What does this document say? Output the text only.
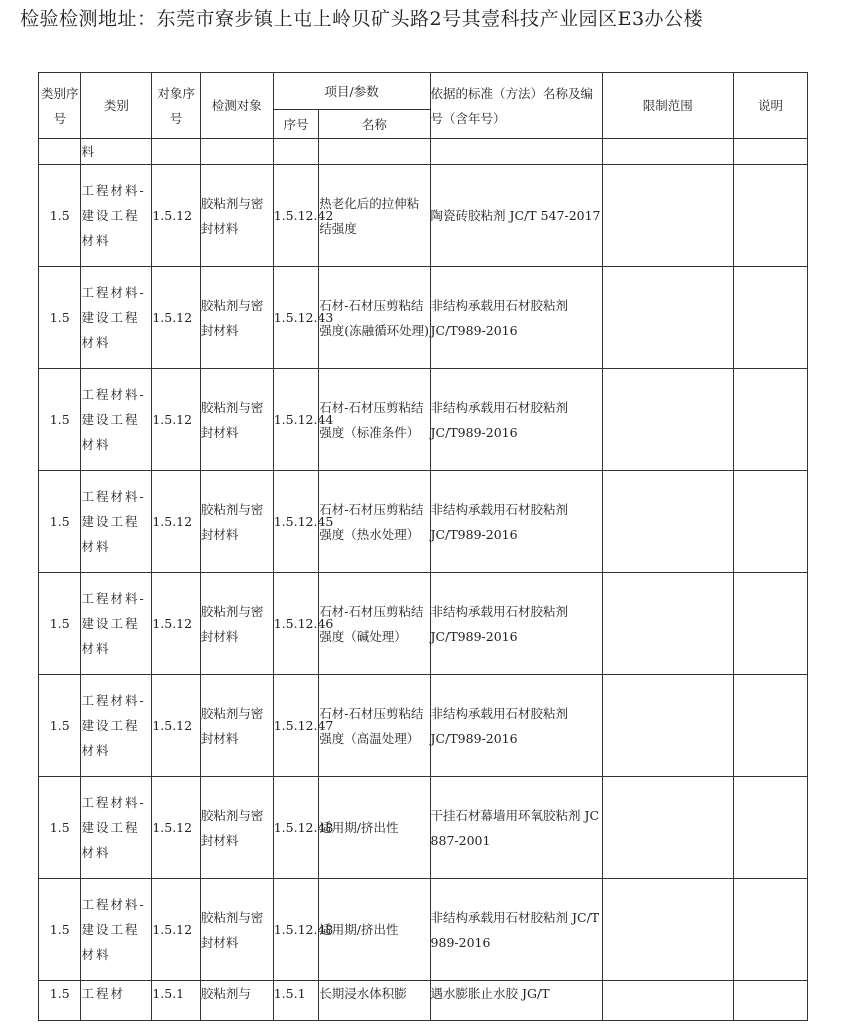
检验检测地址：东莞市寮步镇上屯上岭贝矿头路2号其壹科技产业园区E3办公楼
类别序号	类别	对象序号	检测对象	项目/参数		依据的标准（方法）名称及编号（含年号）	限制范围	说明
				序号	名称			
	料							
1.5	工程材料-建设工程材料	1.5.12	胶粘剂与密封材料	1.5.12.42	热老化后的拉伸粘结强度	陶瓷砖胶粘剂 JC/T 547-2017		
1.5	工程材料-建设工程材料	1.5.12	胶粘剂与密封材料	1.5.12.43	石材-石材压剪粘结强度(冻融循环处理)	非结构承载用石材胶粘剂 JC/T989-2016		
1.5	工程材料-建设工程材料	1.5.12	胶粘剂与密封材料	1.5.12.44	石材-石材压剪粘结强度（标准条件）	非结构承载用石材胶粘剂 JC/T989-2016		
1.5	工程材料-建设工程材料	1.5.12	胶粘剂与密封材料	1.5.12.45	石材-石材压剪粘结强度（热水处理）	非结构承载用石材胶粘剂 JC/T989-2016		
1.5	工程材料-建设工程材料	1.5.12	胶粘剂与密封材料	1.5.12.46	石材-石材压剪粘结强度（碱处理）	非结构承载用石材胶粘剂 JC/T989-2016		
1.5	工程材料-建设工程材料	1.5.12	胶粘剂与密封材料	1.5.12.47	石材-石材压剪粘结强度（高温处理）	非结构承载用石材胶粘剂 JC/T989-2016		
1.5	工程材料-建设工程材料	1.5.12	胶粘剂与密封材料	1.5.12.48	适用期/挤出性	干挂石材幕墙用环氧胶粘剂 JC 887-2001		
1.5	工程材料-建设工程材料	1.5.12	胶粘剂与密封材料	1.5.12.48	适用期/挤出性	非结构承载用石材胶粘剂 JC/T 989-2016		
1.5	工程材	1.5.1	胶粘剂与	1.5.1	长期浸水体积膨	遇水膨胀止水胶 JG/T		
